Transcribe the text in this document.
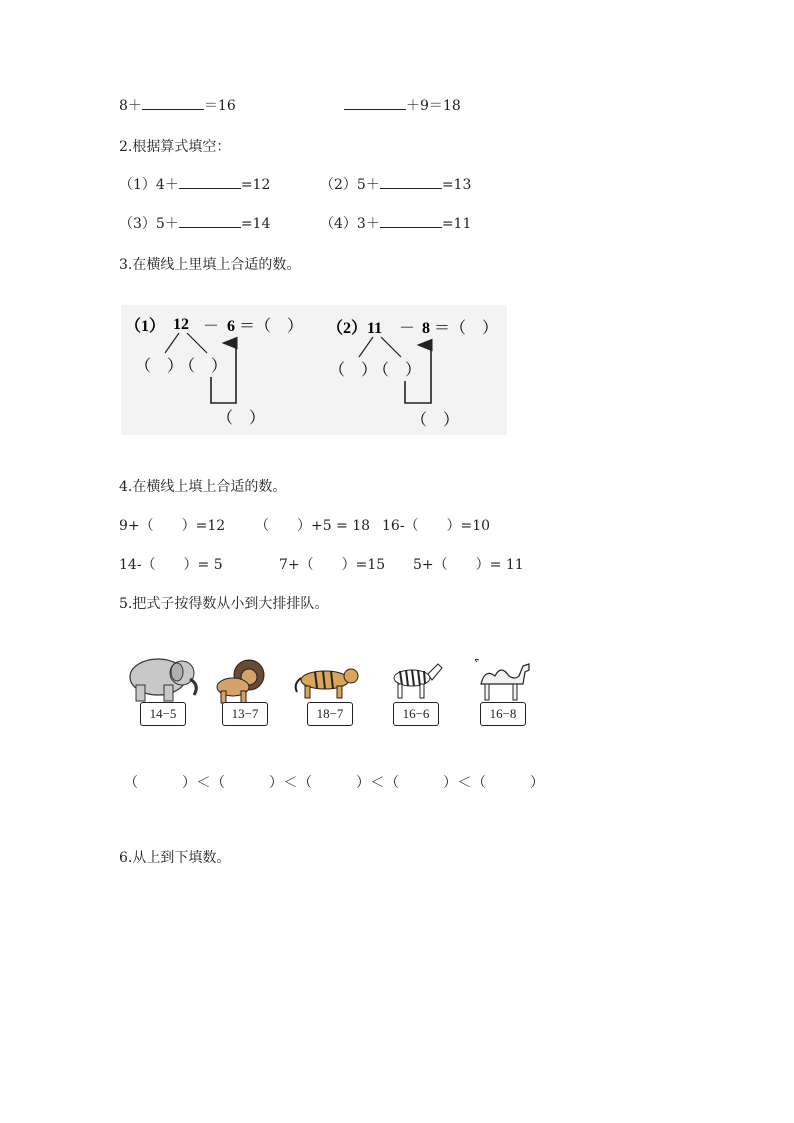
8＋	＝16	＋9＝18
2.根据算式填空：
（1）4＋	=12	（2）5＋	=13
（3）5＋	=14	（4）3＋	=11
3.在横线上里填上合适的数。
（1） 12 － 6 ＝（　）
（　）
（　）
（　）
（2） 11 － 8 ＝（　）
（　）
（　）
（　）
4.在横线上填上合适的数。
9+（　　）=12 （　　）+5 = 18 16-（　　）=10
14-（　　）= 5	7+（　　）=15 5+（　　）= 11
5.把式子按得数从小到大排排队。
14−5	13−7	18−7	16−6	16−8
（　　　）＜（　　　）＜（　　　）＜（　　　）＜（　　　）
6.从上到下填数。
